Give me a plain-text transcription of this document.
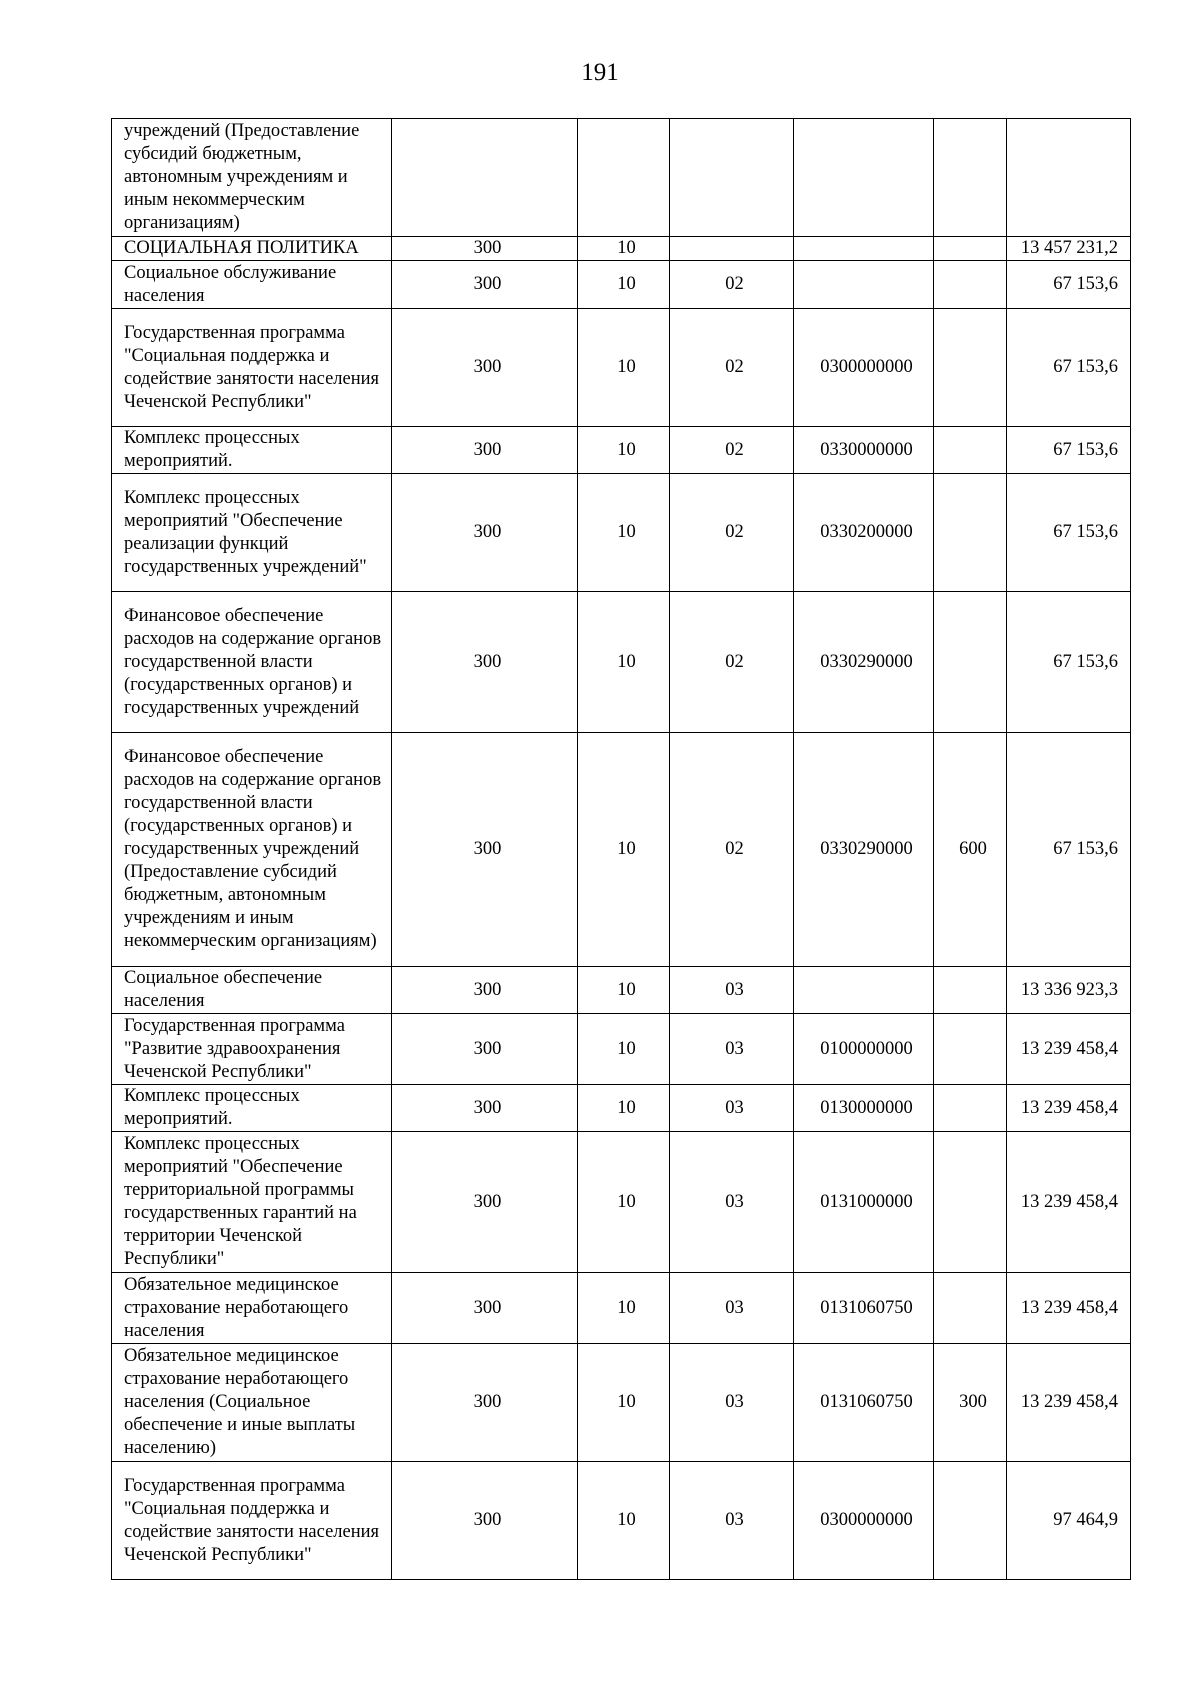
191
учреждений (Предоставление субсидий бюджетным, автономным учреждениям и иным некоммерческим организациям)						
СОЦИАЛЬНАЯ ПОЛИТИКА	300	10				13 457 231,2
Социальное обслуживание населения	300	10	02			67 153,6
Государственная программа "Социальная поддержка и содействие занятости населения Чеченской Республики"	300	10	02	0300000000		67 153,6
Комплекс процессных мероприятий.	300	10	02	0330000000		67 153,6
Комплекс процессных мероприятий "Обеспечение реализации функций государственных учреждений"	300	10	02	0330200000		67 153,6
Финансовое обеспечение расходов на содержание органов государственной власти (государственных органов) и государственных учреждений	300	10	02	0330290000		67 153,6
Финансовое обеспечение расходов на содержание органов государственной власти (государственных органов) и государственных учреждений (Предоставление субсидий бюджетным, автономным учреждениям и иным некоммерческим организациям)	300	10	02	0330290000	600	67 153,6
Социальное обеспечение населения	300	10	03			13 336 923,3
Государственная программа "Развитие здравоохранения Чеченской Республики"	300	10	03	0100000000		13 239 458,4
Комплекс процессных мероприятий.	300	10	03	0130000000		13 239 458,4
Комплекс процессных мероприятий "Обеспечение территориальной программы государственных гарантий на территории Чеченской Республики"	300	10	03	0131000000		13 239 458,4
Обязательное медицинское страхование неработающего населения	300	10	03	0131060750		13 239 458,4
Обязательное медицинское страхование неработающего населения (Социальное обеспечение и иные выплаты населению)	300	10	03	0131060750	300	13 239 458,4
Государственная программа "Социальная поддержка и содействие занятости населения Чеченской Республики"	300	10	03	0300000000		97 464,9
